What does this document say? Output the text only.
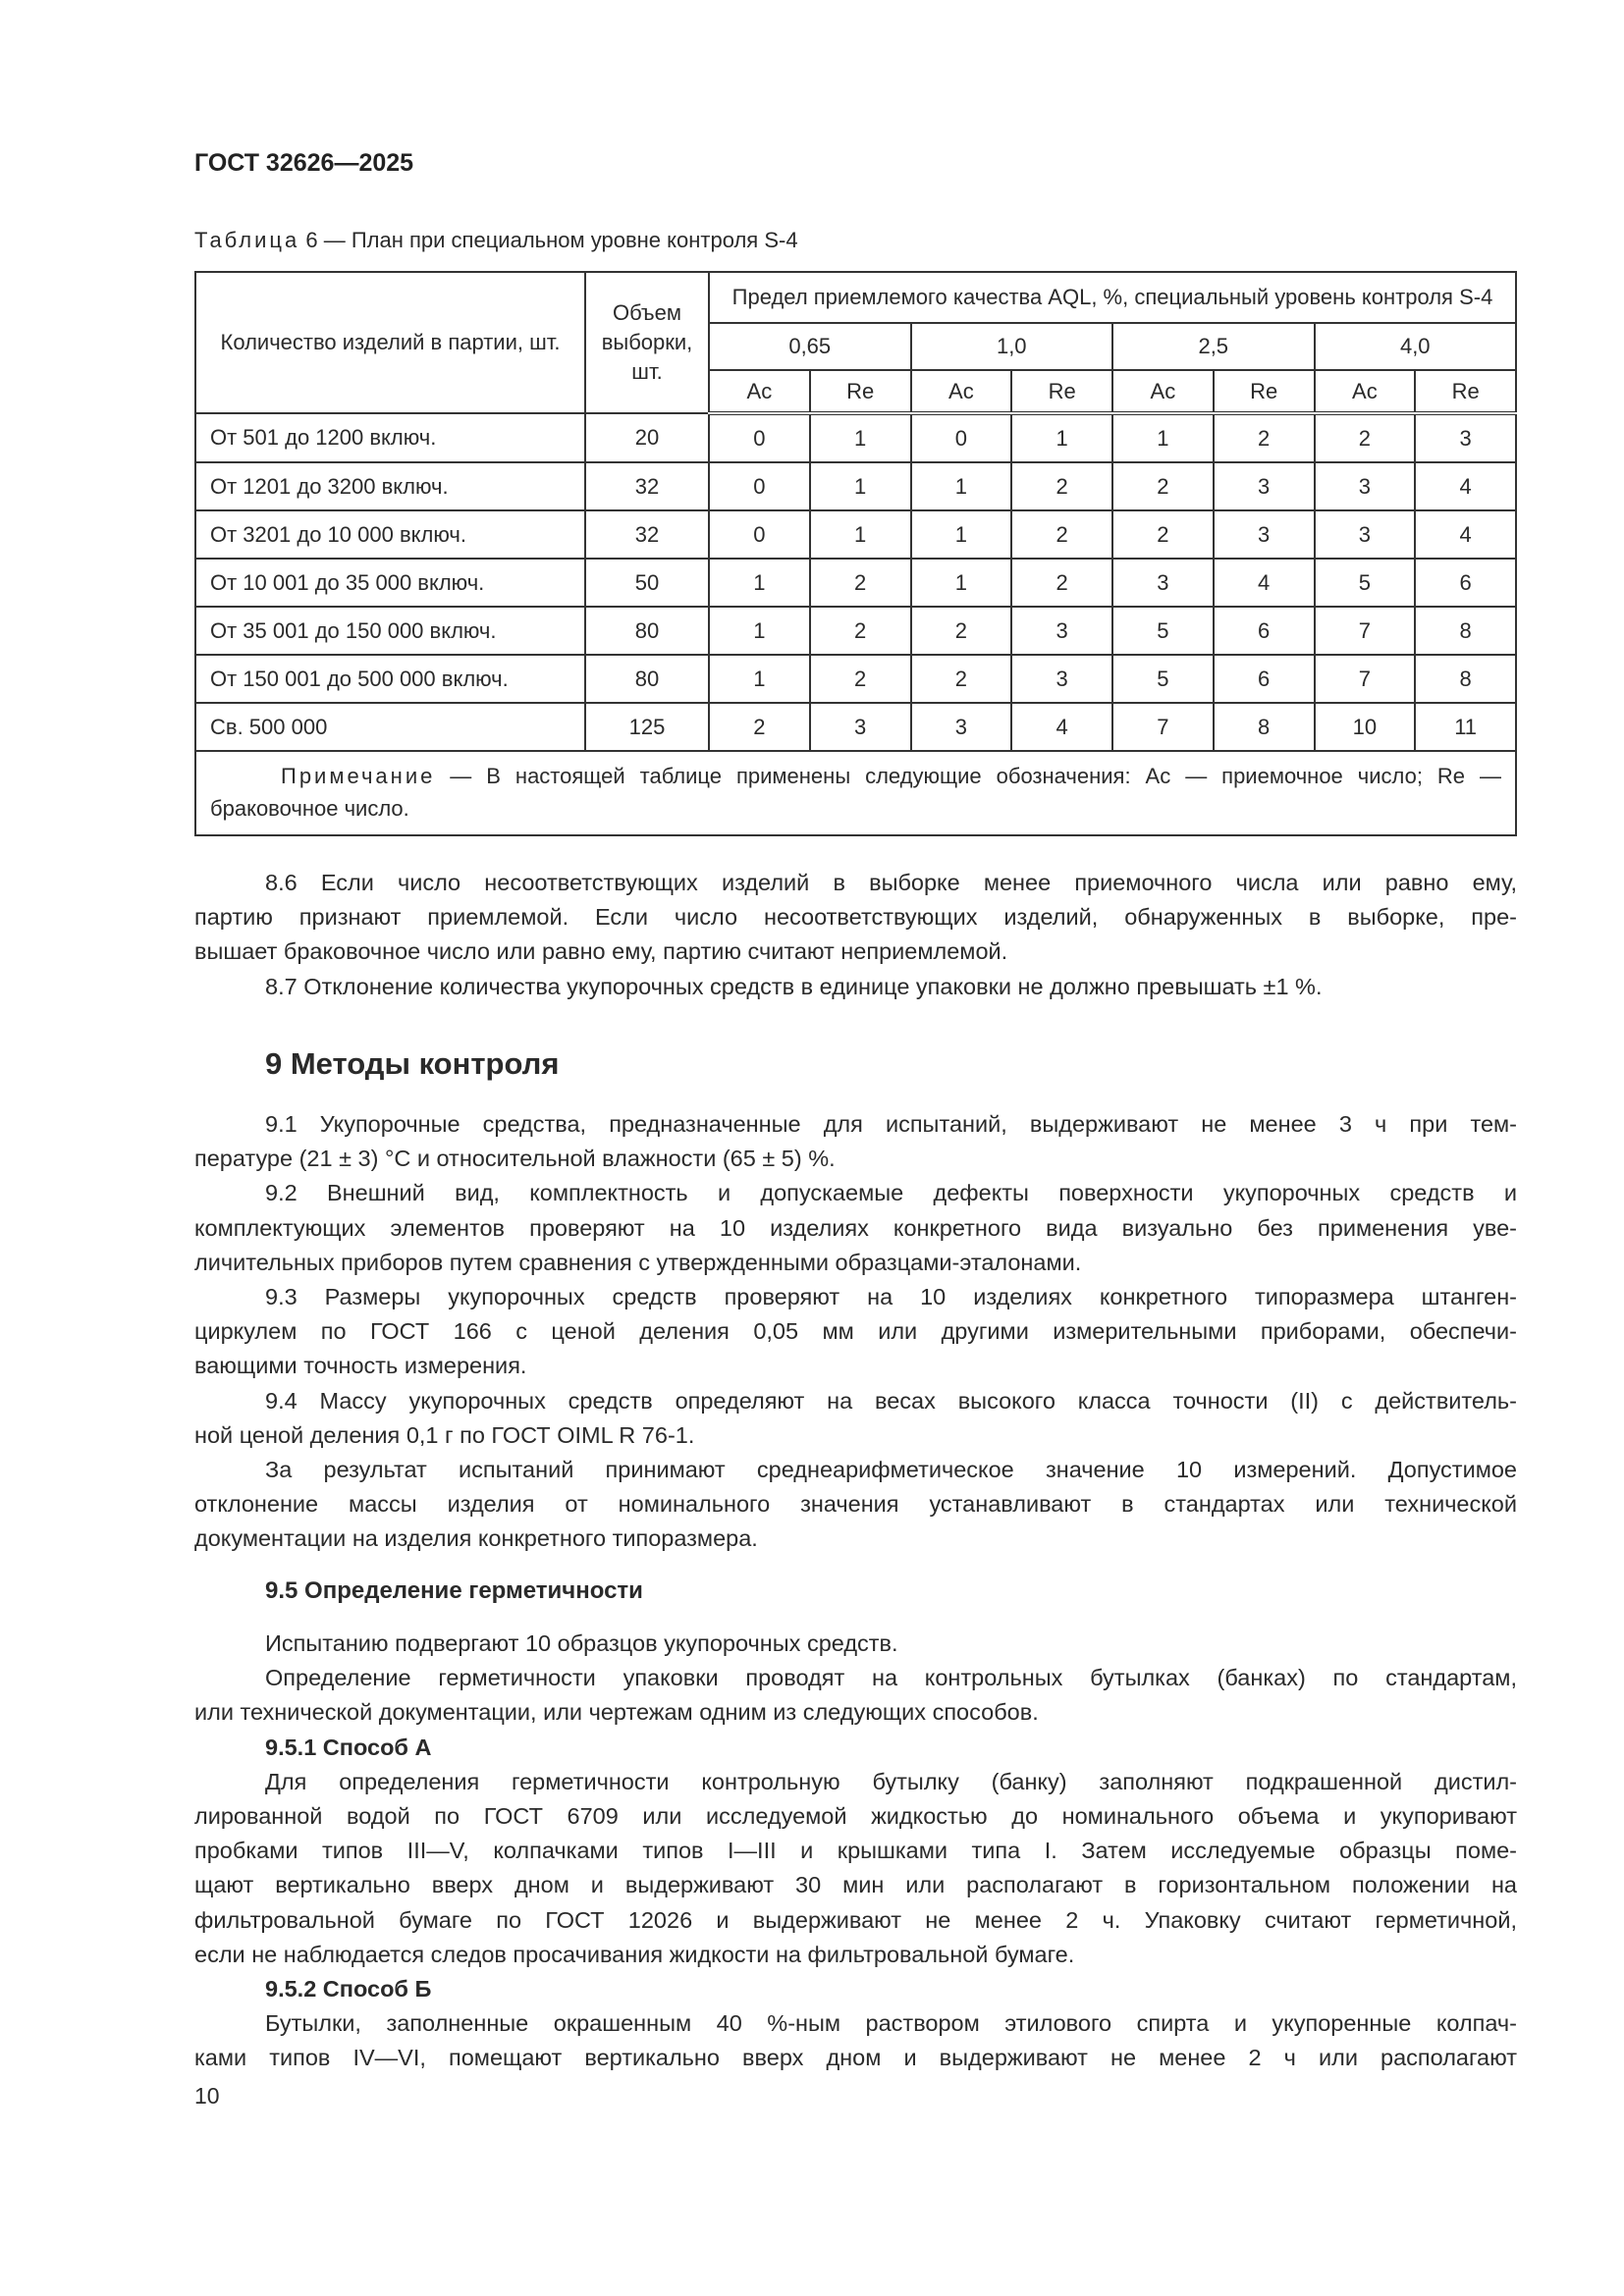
ГОСТ 32626—2025
Таблица 6 — План при специальном уровне контроля S-4
Количество изделий в партии, шт.	Объем выборки, шт.	Предел приемлемого качества AQL, %, специальный уровень контроля S-4							
		0,65		1,0		2,5		4,0	
		Ac	Re	Ac	Re	Ac	Re	Ac	Re
От 501 до 1200 включ.	20	0	1	0	1	1	2	2	3
От 1201 до 3200 включ.	32	0	1	1	2	2	3	3	4
От 3201 до 10 000 включ.	32	0	1	1	2	2	3	3	4
От 10 001 до 35 000 включ.	50	1	2	1	2	3	4	5	6
От 35 001 до 150 000 включ.	80	1	2	2	3	5	6	7	8
От 150 001 до 500 000 включ.	80	1	2	2	3	5	6	7	8
Св. 500 000	125	2	3	3	4	7	8	10	11
Примечание — В настоящей таблице применены следующие обозначения: Ac — приемочное число; Re — браковочное число.									
8.6 Если число несоответствующих изделий в выборке менее приемочного числа или равно ему,
партию признают приемлемой. Если число несоответствующих изделий, обнаруженных в выборке, пре-
вышает браковочное число или равно ему, партию считают неприемлемой.
8.7 Отклонение количества укупорочных средств в единице упаковки не должно превышать ±1 %.
9 Методы контроля
9.1 Укупорочные средства, предназначенные для испытаний, выдерживают не менее 3 ч при тем-
пературе (21 ± 3) °С и относительной влажности (65 ± 5) %.
9.2 Внешний вид, комплектность и допускаемые дефекты поверхности укупорочных средств и
комплектующих элементов проверяют на 10 изделиях конкретного вида визуально без применения уве-
личительных приборов путем сравнения с утвержденными образцами-эталонами.
9.3 Размеры укупорочных средств проверяют на 10 изделиях конкретного типоразмера штанген-
циркулем по ГОСТ 166 с ценой деления 0,05 мм или другими измерительными приборами, обеспечи-
вающими точность измерения.
9.4 Массу укупорочных средств определяют на весах высокого класса точности (II) с действитель-
ной ценой деления 0,1 г по ГОСТ OIML R 76-1.
За результат испытаний принимают среднеарифметическое значение 10 измерений. Допустимое
отклонение массы изделия от номинального значения устанавливают в стандартах или технической
документации на изделия конкретного типоразмера.
9.5 Определение герметичности
Испытанию подвергают 10 образцов укупорочных средств.
Определение герметичности упаковки проводят на контрольных бутылках (банках) по стандартам,
или технической документации, или чертежам одним из следующих способов.
9.5.1 Способ А
Для определения герметичности контрольную бутылку (банку) заполняют подкрашенной дистил-
лированной водой по ГОСТ 6709 или исследуемой жидкостью до номинального объема и укупоривают
пробками типов III—V, колпачками типов I—III и крышками типа I. Затем исследуемые образцы поме-
щают вертикально вверх дном и выдерживают 30 мин или располагают в горизонтальном положении на
фильтровальной бумаге по ГОСТ 12026 и выдерживают не менее 2 ч. Упаковку считают герметичной,
если не наблюдается следов просачивания жидкости на фильтровальной бумаге.
9.5.2 Способ Б
Бутылки, заполненные окрашенным 40 %-ным раствором этилового спирта и укупоренные колпач-
ками типов IV—VI, помещают вертикально вверх дном и выдерживают не менее 2 ч или располагают
10
